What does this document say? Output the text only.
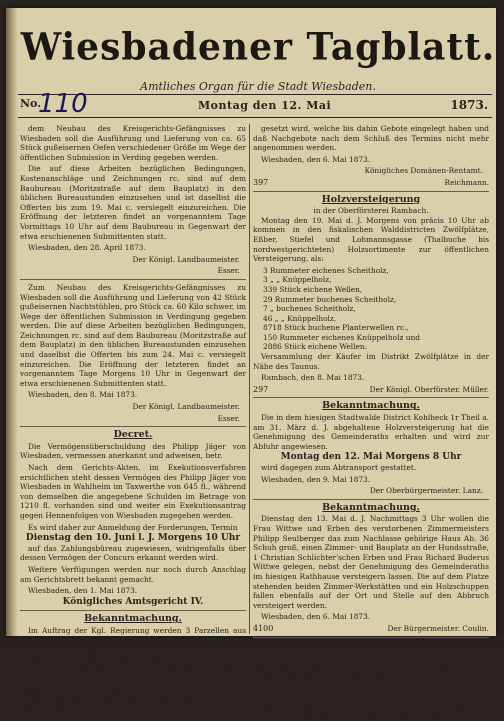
Wiesbadener Tagblatt.
Amtliches Organ für die Stadt Wiesbaden.
No.
110	Montag den 12. Mai	1873.

dem Neubau des Kreisgerichts-Gefängnisses zu Wiesbaden soll die Ausführung und Lieferung von ca. 65 Stück gußeisernen Oefen verschiedener Größe im Wege der öffentlichen Submission in Verding gegeben werden.

Die auf diese Arbeiten bezüglichen Bedingungen, Kostenanschläge und Zeichnungen rc. sind auf dem Baubureau (Moritzstraße auf dem Bauplatz) in den üblichen Bureaustunden einzusehen und ist daselbst die Offerten bis zum 19. Mai c. versiegelt einzureichen. Die Eröffnung der letzteren findet an vorgenanntem Tage Vormittags 10 Uhr auf dem Baubureau in Gegenwart der etwa erschienenen Submittenten statt.

Wiesbaden, den 28. April 1873.

Der Königl. Landbaumeister.
Esser.

Zum Neubau des Kreisgerichts-Gefängnisses zu Wiesbaden soll die Ausführung und Lieferung von 42 Stück gußeisernen Nachtstühlen, pro Stück ca. 60 Kilo schwer, im Wege der öffentlichen Submission in Verdingung gegeben werden. Die auf diese Arbeiten bezüglichen Bedingungen, Zeichnungen rc. sind auf dem Baubureau (Moritzstraße auf dem Bauplatz) in den üblichen Bureaustunden einzusehen und daselbst die Offerten bis zum 24. Mai c. versiegelt einzureichen. Die Eröffnung der letzteren findet an vorgenanntem Tage Morgens 10 Uhr in Gegenwart der etwa erschienenen Submittenten statt.

Wiesbaden, den 8. Mai 1873.

Der Königl. Landbaumeister.
Esser.
Decret.

Die Vermögensüberschuldung des Philipp Jäger von Wiesbaden, vermessen anerkannt und adweisen, betr.

Nach dem Gerichts-Akten, im Exekutionsverfahren ersichtlichen steht dessen Vermögen des Philipp Jäger von Wiesbaden in Wahlheim im Taxwerthe von 645 fl., während von demselben die angegebene Schulden im Betrage von 1210 fl. vorhanden sind und weiter ein Exekutionsantrag gegen Hennenfolgen von Wiesbaden zugegeben werden.

Es wird daher zur Anmeldung der Forderungen, Termin

Dienstag den 10. Juni l. J. Morgens 10 Uhr

auf das Zahlungsbüreau zugewiesen, widrigenfalls über dessen Vermögen der Concurs erkannt werden wird.

Weitere Verfügungen werden nur noch durch Anschlag am Gerichtsbrett bekannt gemacht.

Wiesbaden, den 1. Mai 1873.

Königliches Amtsgericht IV.
Bekanntmachung.

Im Auftrag der Kgl. Regierung werden 3 Parzellen aus dem Gemeindewald-Platz, haltend von 6 Ruthen 34 Schuh, 7 Ruthen 41 Schuh und 4 Ruthen 50 Schuh, auf der nördlichen Seite der verlängerten Straße verkauft.

Dienstag den 13. Mai l. Js. Morgens 10 Uhr

auf dem Rathhause in Wiesbaden öffentlich versteigert. Bemerkt wird hierzu, daß um 12 Uhr neue Bieter nicht mehr zugelassen werden und die Versteigerung nur noch unter Denen fort-

gesetzt wird, welche bis dahin Gebote eingelegt haben und daß Nachgebote nach dem Schluß des Termins nicht mehr angenommen werden.

Wiesbaden, den 6. Mai 1873.

Königliches Domänen-Rentamt.
397	Reichmann.
Holzversteigerung
in der Oberförsterei Rambach.

Montag den 19. Mai d. J. Morgens von präcis 10 Uhr ab kommen in den fiskalischen Walddistricten Zwölfplätze, Eßber, Stiefel und Lohmannsgasse (Thalbuche bis nordwestgerichteten) Holzsortimente zur öffentlichen Versteigerung, als:

3 Rummeter eichenes Scheitholz,
3 „ „ Knüppelholz,
339 Stück eichene Wellen,
29 Rummeter buchenes Scheitholz,
7 „ buchenes Scheitholz,
46 „ „ Knüppelholz,
8718 Stück buchene Planterwellen rc.,
150 Rummeter eichenes Knüppelholz und
2886 Stück eichene Wellen.

Versammlung der Käufer im Distrikt Zwölfplätze in der Nähe des Taunus.

Rambach, den 8. Mai 1873.

297	Der Königl. Oberförster. Müller.
Bekanntmachung.

Die in dem hiesigen Stadtwalde District Kohlheck 1r Theil a. am 31. März d. J. abgehaltene Holzversteigerung hat die Genehmigung des Gemeinderaths erhalten und wird zur Abfuhr angewiesen.

Montag den 12. Mai Morgens 8 Uhr

wird dagegen zum Abtransport gestattet.

Wiesbaden, den 9. Mai 1873.

Der Oberbürgermeister. Lanz.
Bekanntmachung.

Dienstag den 13. Mai d. J. Nachmittags 3 Uhr wollen die Frau Wittwe und Erben des verstorbenen Zimmermeisters Philipp Seulberger das zum Nachlasse gehörige Haus Ab. 36 Schuh groß, einen Zimmer- und Bauplatz an der Hundsstraße, 1 Christian Schlichter'schen Erben und Frau Richard Buderus Wittwe gelegen, nebst der Genehmigung des Gemeinderaths im hiesigen Rathhause versteigern lassen. Die auf dem Platze stehenden beiden Zimmer-Werkstätten und ein Holzschuppen fallen ebenfalls auf der Ort und Stelle auf den Abbruch versteigert werden.

Wiesbaden, den 6. Mai 1873.

4100	Der Bürgermeister. Coulin.
Bekanntmachung.

Dienstag den 13. l. M. Nachmittags 3 Uhr werden in dem Rathhaussaale dahier die zu dem Nachlasse des Friedrich Ernst Liesbrand von hier gehörigen Immobilien, als:

Nro. des Lagerb. Flächengehalt. Ruthen. Schuh.
1) 8693 11 23 Ein einstöckiges Wohnhaus, eine zweistöckige Scheuer mit Stallung, 1 Remise, 1 Anbau mit Hofraum, belegen am Ecke der Steingasse und
